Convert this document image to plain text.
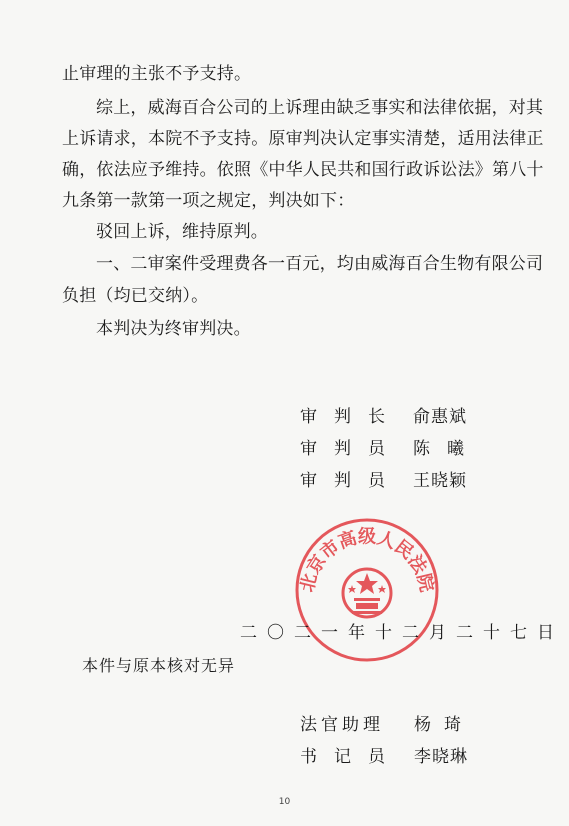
止审理的主张不予支持。
综上，威海百合公司的上诉理由缺乏事实和法律依据，对其
上诉请求，本院不予支持。原审判决认定事实清楚，适用法律正
确，依法应予维持。依照《中华人民共和国行政诉讼法》第八十
九条第一款第一项之规定，判决如下：
驳回上诉，维持原判。
一、二审案件受理费各一百元，均由威海百合生物有限公司
负担（均已交纳）。
本判决为终审判决。
审判长 俞惠斌
审判员 陈曦
审判员 王晓颖
北京市高级人民法院
二〇二一年十二月二十七日
本件与原本核对无异
法官助理 杨琦
书记员 李晓琳
10
